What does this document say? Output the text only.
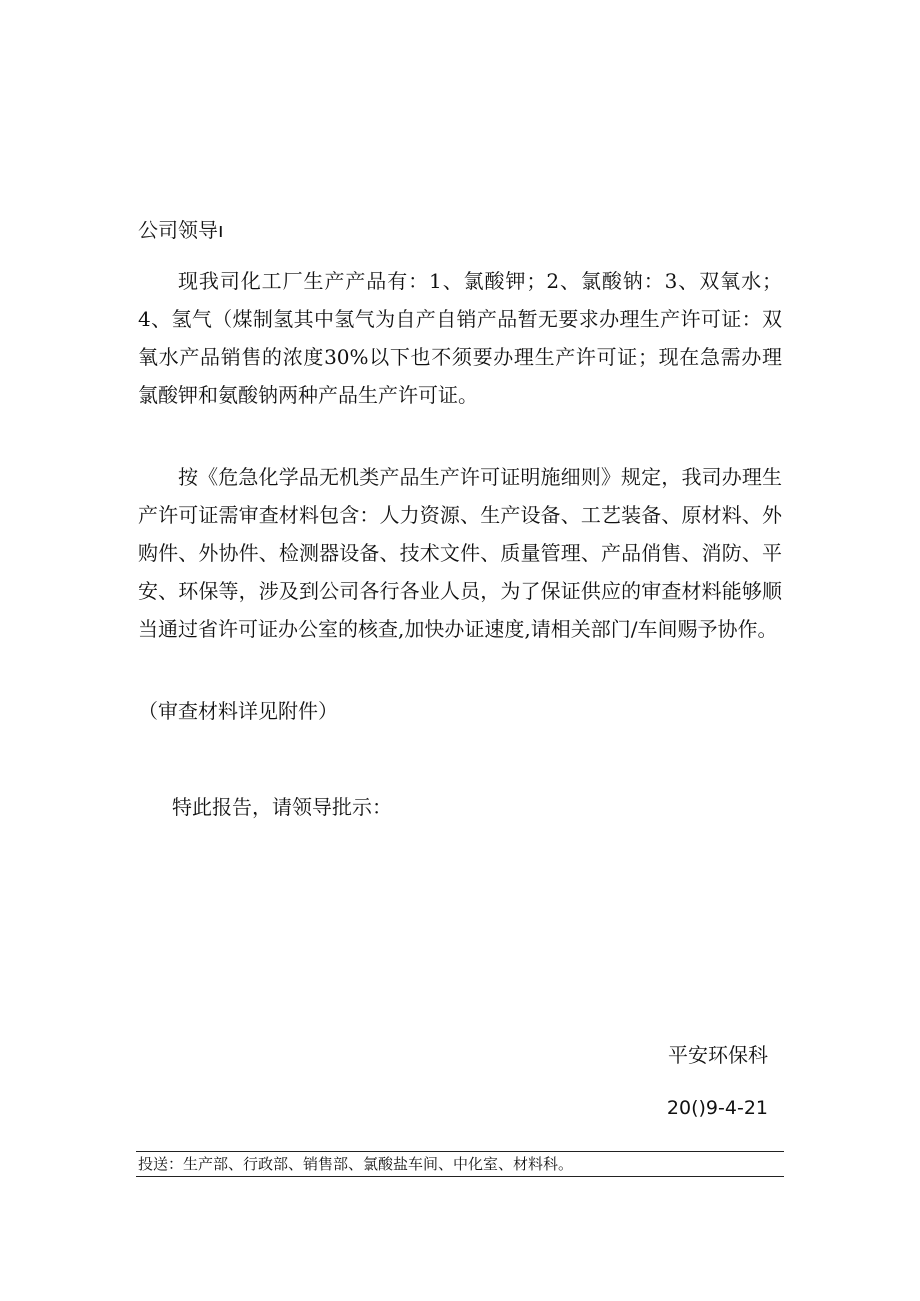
公司领导ı

现我司化工厂生产产品有：1、氯酸钾；2、氯酸钠：3、双氧水；4、氢气（煤制氢其中氢气为自产自销产品暂无要求办理生产许可证：双氧水产品销售的浓度30%以下也不须要办理生产许可证；现在急需办理氯酸钾和氨酸钠两种产品生产许可证。

按《危急化学品无机类产品生产许可证明施细则》规定，我司办理生产许可证需审查材料包含：人力资源、生产设备、工艺装备、原材料、外购件、外协件、检测器设备、技术文件、质量管理、产品俏售、消防、平安、环保等，涉及到公司各行各业人员，为了保证供应的审查材料能够顺当通过省许可证办公室的核查,加快办证速度,请相关部门/车间赐予协作。

（审查材料详见附件）
特此报告，请领导批示：
平安环保科
20()9-4-21
投送：生产部、行政部、销售部、氯酸盐车间、中化室、材料科。
